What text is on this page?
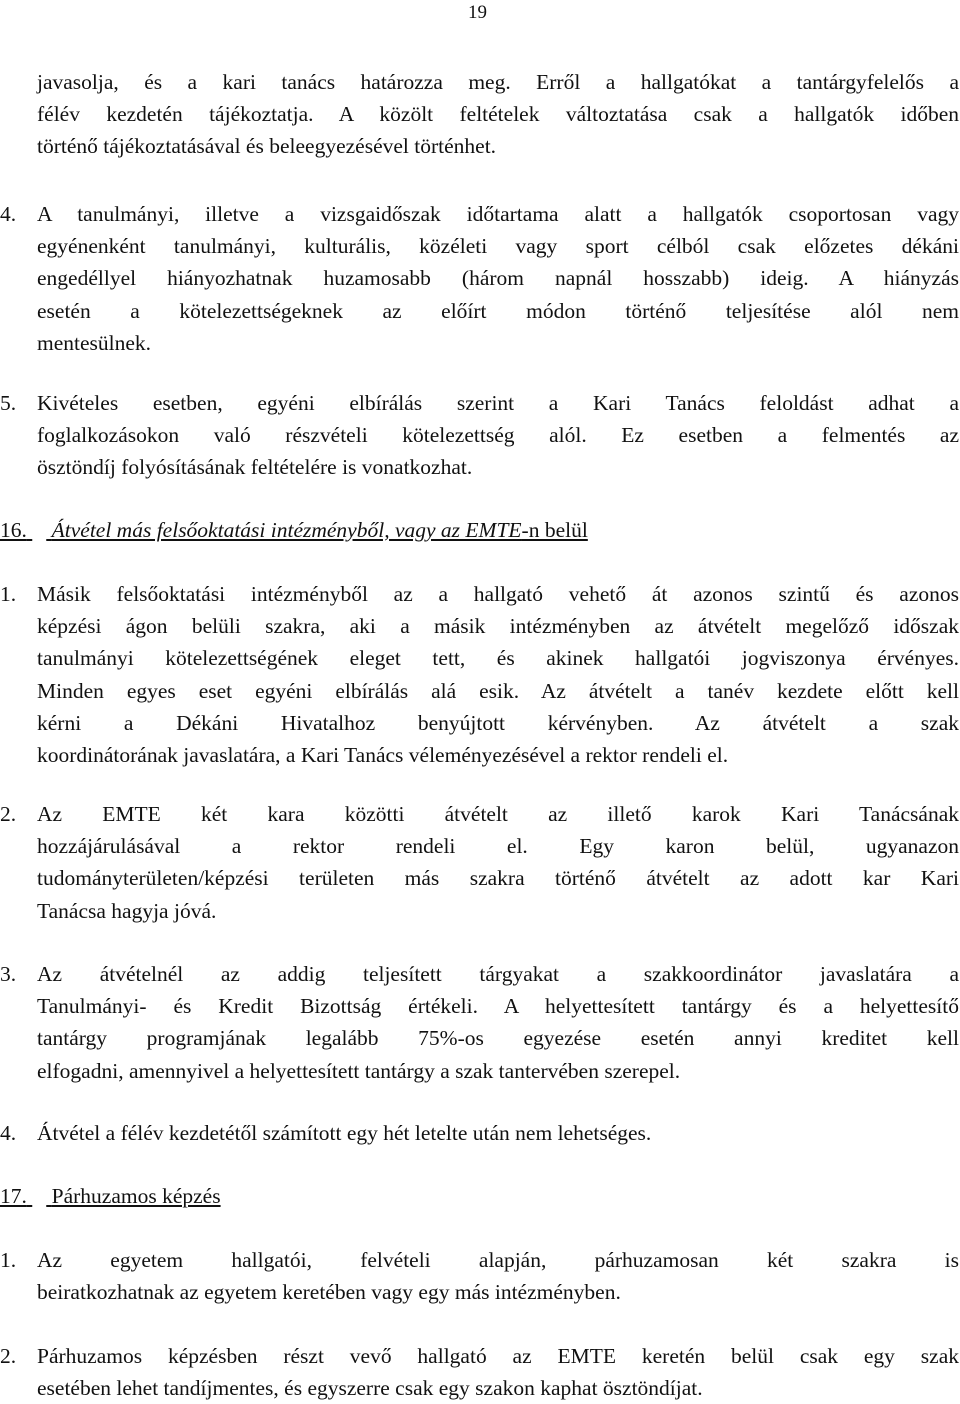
19
javasolja, és a kari tanács határozza meg. Erről a hallgatókat a tantárgyfelelős a
félév kezdetén tájékoztatja. A közölt feltételek változtatása csak a hallgatók időben
történő tájékoztatásával és beleegyezésével történhet.
4. A tanulmányi, illetve a vizsgaidőszak időtartama alatt a hallgatók csoportosan vagy
egyénenként tanulmányi, kulturális, közéleti vagy sport célból csak előzetes dékáni
engedéllyel hiányozhatnak huzamosabb (három napnál hosszabb) ideig. A hiányzás
esetén a kötelezettségeknek az előírt módon történő teljesítése alól nem
mentesülnek.
5. Kivételes esetben, egyéni elbírálás szerint a Kari Tanács feloldást adhat a
foglalkozásokon való részvételi kötelezettség alól. Ez esetben a felmentés az
ösztöndíj folyósításának feltételére is vonatkozhat.
16. Átvétel más felsőoktatási intézményből, vagy az EMTE-n belül
1. Másik felsőoktatási intézményből az a hallgató vehető át azonos szintű és azonos
képzési ágon belüli szakra, aki a másik intézményben az átvételt megelőző időszak
tanulmányi kötelezettségének eleget tett, és akinek hallgatói jogviszonya érvényes.
Minden egyes eset egyéni elbírálás alá esik. Az átvételt a tanév kezdete előtt kell
kérni a Dékáni Hivatalhoz benyújtott kérvényben. Az átvételt a szak
koordinátorának javaslatára, a Kari Tanács véleményezésével a rektor rendeli el.
2. Az EMTE két kara közötti átvételt az illető karok Kari Tanácsának
hozzájárulásával a rektor rendeli el. Egy karon belül, ugyanazon
tudományterületen/képzési területen más szakra történő átvételt az adott kar Kari
Tanácsa hagyja jóvá.
3. Az átvételnél az addig teljesített tárgyakat a szakkoordinátor javaslatára a
Tanulmányi- és Kredit Bizottság értékeli. A helyettesített tantárgy és a helyettesítő
tantárgy programjának legalább 75%-os egyezése esetén annyi kreditet kell
elfogadni, amennyivel a helyettesített tantárgy a szak tantervében szerepel.
4. Átvétel a félév kezdetétől számított egy hét letelte után nem lehetséges.
17. Párhuzamos képzés
1. Az egyetem hallgatói, felvételi alapján, párhuzamosan két szakra is
beiratkozhatnak az egyetem keretében vagy egy más intézményben.
2. Párhuzamos képzésben részt vevő hallgató az EMTE keretén belül csak egy szak
esetében lehet tandíjmentes, és egyszerre csak egy szakon kaphat ösztöndíjat.
